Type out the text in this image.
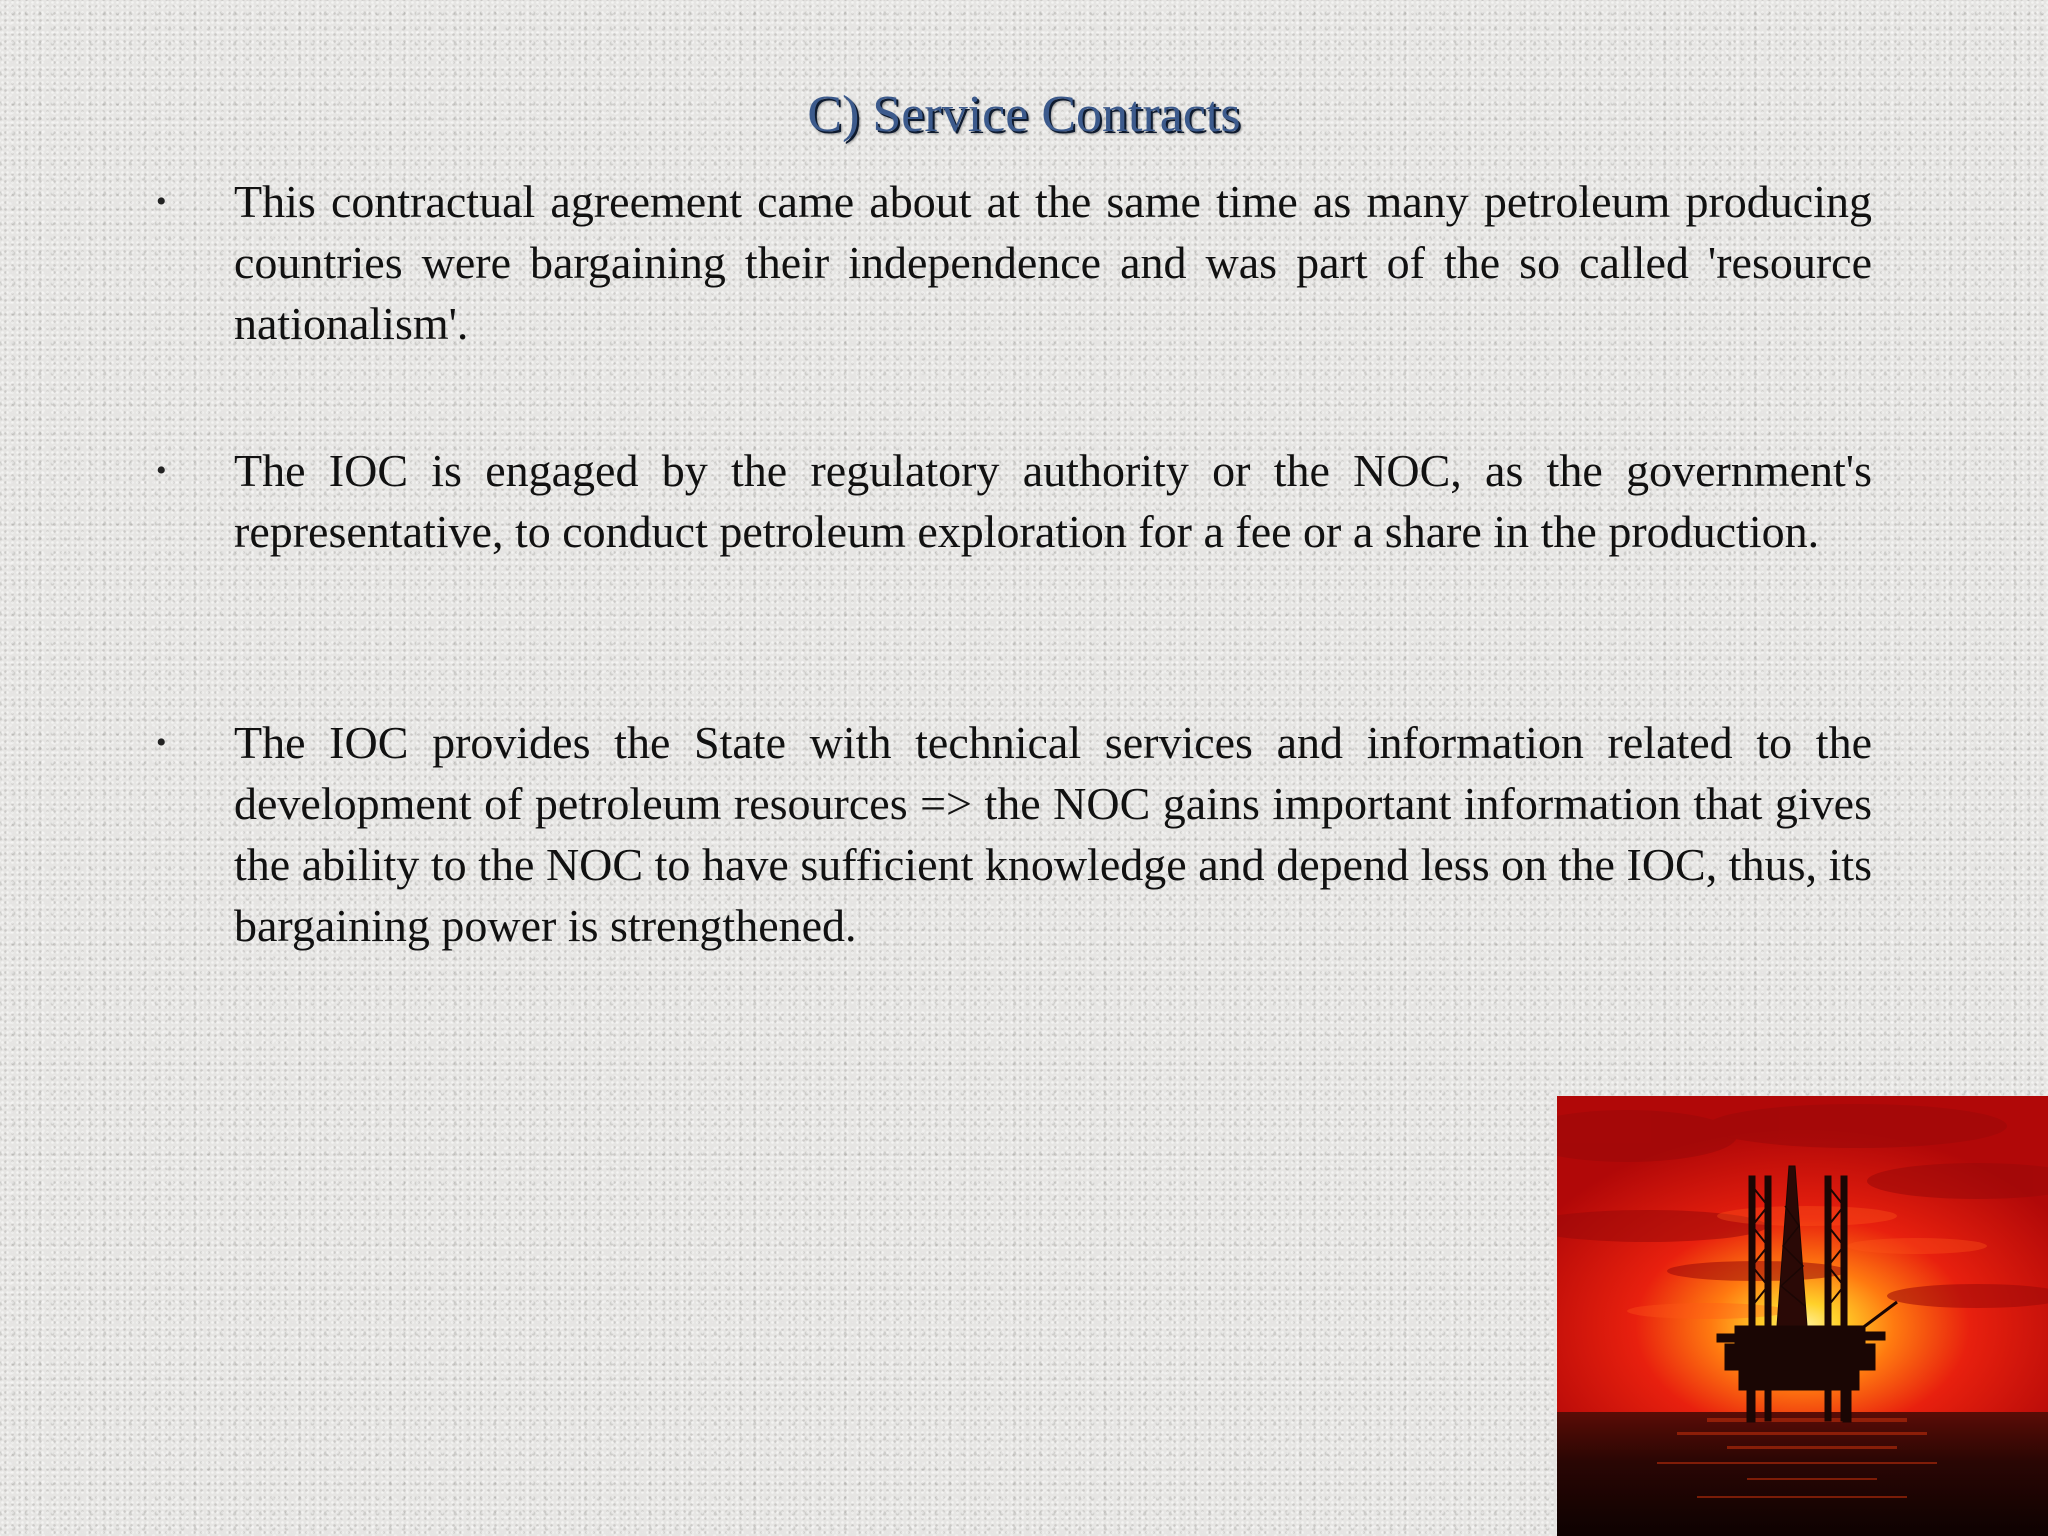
C) Service Contracts
• This contractual agreement came about at the same time as many petroleum producing countries were bargaining their independence and was part of the so called 'resource nationalism'.
• The IOC is engaged by the regulatory authority or the NOC, as the government's representative, to conduct petroleum exploration for a fee or a share in the production.
• The IOC provides the State with technical services and information related to the development of petroleum resources => the NOC gains important information that gives the ability to the NOC to have sufficient knowledge and depend less on the IOC, thus, its bargaining power is strengthened.
